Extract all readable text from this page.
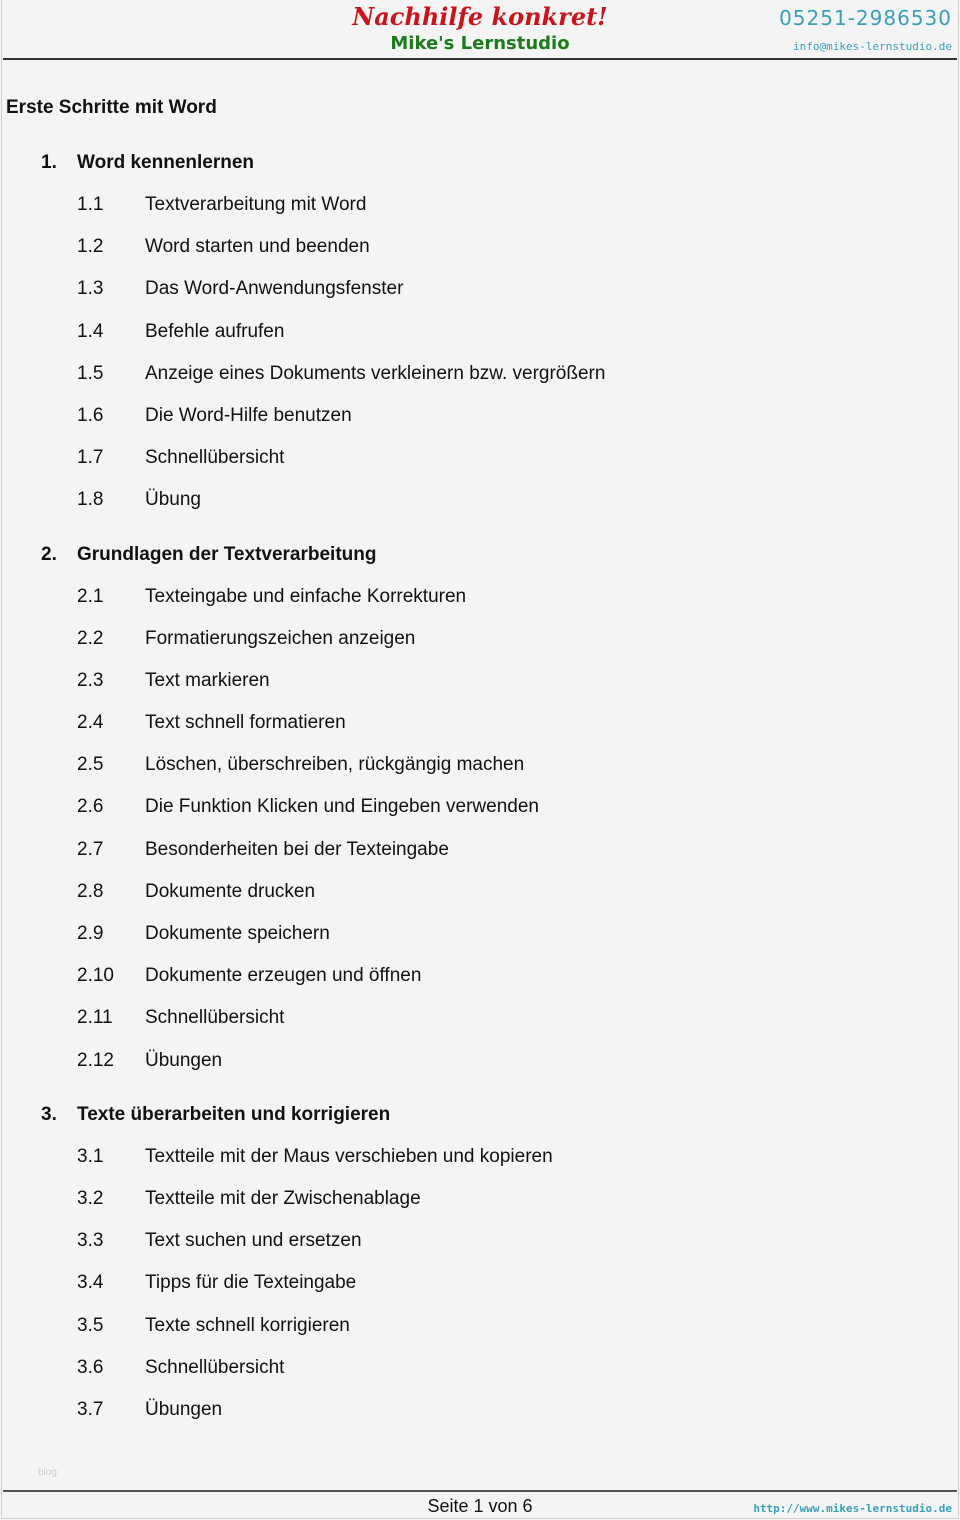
Nachhilfe konkret!
Mike's Lernstudio
05251-2986530
info@mikes-lernstudio.de
Erste Schritte mit Word
1. Word kennenlernen
1.1 Textverarbeitung mit Word
1.2 Word starten und beenden
1.3 Das Word-Anwendungsfenster
1.4 Befehle aufrufen
1.5 Anzeige eines Dokuments verkleinern bzw. vergrößern
1.6 Die Word-Hilfe benutzen
1.7 Schnellübersicht
1.8 Übung
2. Grundlagen der Textverarbeitung
2.1 Texteingabe und einfache Korrekturen
2.2 Formatierungszeichen anzeigen
2.3 Text markieren
2.4 Text schnell formatieren
2.5 Löschen, überschreiben, rückgängig machen
2.6 Die Funktion Klicken und Eingeben verwenden
2.7 Besonderheiten bei der Texteingabe
2.8 Dokumente drucken
2.9 Dokumente speichern
2.10 Dokumente erzeugen und öffnen
2.11 Schnellübersicht
2.12 Übungen
3. Texte überarbeiten und korrigieren
3.1 Textteile mit der Maus verschieben und kopieren
3.2 Textteile mit der Zwischenablage
3.3 Text suchen und ersetzen
3.4 Tipps für die Texteingabe
3.5 Texte schnell korrigieren
3.6 Schnellübersicht
3.7 Übungen
blog
Seite 1 von 6	http://www.mikes-lernstudio.de
